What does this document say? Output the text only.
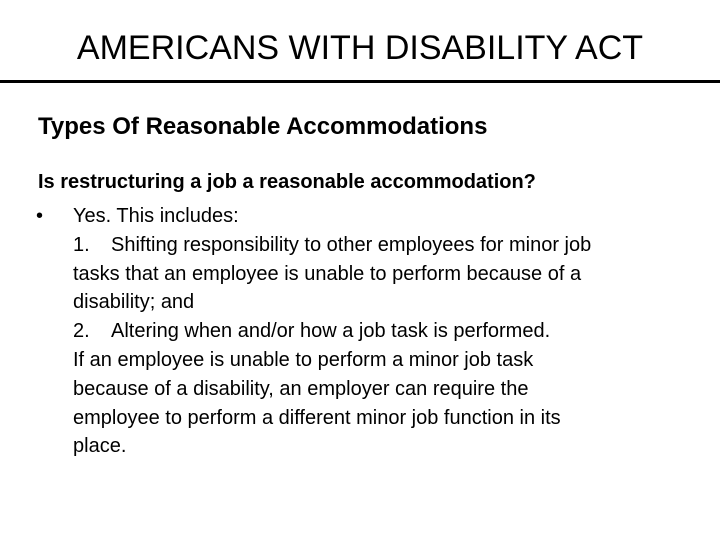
AMERICANS WITH DISABILITY ACT
Types Of Reasonable Accommodations
Is restructuring a job a reasonable accommodation?
• Yes. This includes:
1. Shifting responsibility to other employees for minor job
tasks that an employee is unable to perform because of a
disability; and
2. Altering when and/or how a job task is performed.
If an employee is unable to perform a minor job task
because of a disability, an employer can require the
employee to perform a different minor job function in its
place.
